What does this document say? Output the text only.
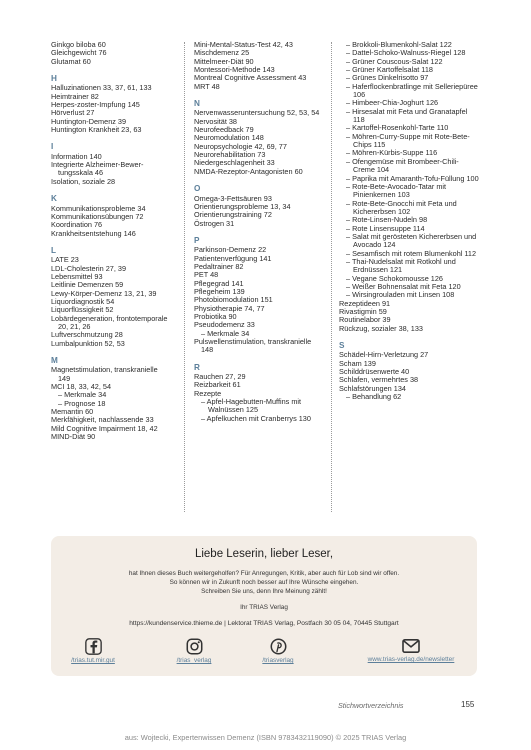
Ginkgo biloba 60
Gleichgewicht 76
Glutamat 60
H
Halluzinationen 33, 37, 61, 133
Heimtrainer 82
Herpes-zoster-Impfung 145
Hörverlust 27
Huntington-Demenz 39
Huntington Krankheit 23, 63
I
Information 140
Integrierte Alzheimer-Bewertungsskala 46
Isolation, soziale 28
K
Kommunikationsprobleme 34
Kommunikationsübungen 72
Koordination 76
Krankheitsentstehung 146
L
LATE 23
LDL-Cholesterin 27, 39
Lebensmittel 93
Leitlinie Demenzen 59
Lewy-Körper-Demenz 13, 21, 39
Liquordiagnostik 54
Liquorflüssigkeit 52
Lobärdegeneration, frontotemporale 20, 21, 26
Luftverschmutzung 28
Lumbalpunktion 52, 53
M
Magnetstimulation, transkranielle 149
MCI 18, 33, 42, 54
– Merkmale 34
– Prognose 18
Memantin 60
Merkfähigkeit, nachlassende 33
Mild Cognitive Impairment 18, 42
MIND-Diät 90
Mini-Mental-Status-Test 42, 43
Mischdemenz 25
Mittelmeer-Diät 90
Montessori-Methode 143
Montreal Cognitive Assessment 43
MRT 48
N
Nervenwasseruntersuchung 52, 53, 54
Nervosität 38
Neurofeedback 79
Neuromodulation 148
Neuropsychologie 42, 69, 77
Neurorehabilitation 73
Niedergeschlagenheit 33
NMDA-Rezeptor-Antagonisten 60
O
Omega-3-Fettsäuren 93
Orientierungsprobleme 13, 34
Orientierungstraining 72
Östrogen 31
P
Parkinson-Demenz 22
Patientenverfügung 141
Pedaltrainer 82
PET 48
Pflegegrad 141
Pflegeheim 139
Photobiomodulation 151
Physiotherapie 74, 77
Probiotika 90
Pseudodemenz 33
– Merkmale 34
Pulswellenstimulation, transkranielle 148
R
Rauchen 27, 29
Reizbarkeit 61
Rezepte
– Apfel-Hagebutten-Muffins mit Walnüssen 125
– Apfelkuchen mit Cranberrys 130
– Brokkoli-Blumenkohl-Salat 122
– Dattel-Schoko-Walnuss-Riegel 128
– Grüner Couscous-Salat 122
– Grüner Kartoffelsalat 118
– Grünes Dinkelrisotto 97
– Haferflockenbratlinge mit Selleriepüree 106
– Himbeer-Chia-Joghurt 126
– Hirsesalat mit Feta und Granatapfel 118
– Kartoffel-Rosenkohl-Tarte 110
– Möhren-Curry-Suppe mit Rote-Bete-Chips 115
– Möhren-Kürbis-Suppe 116
– Ofengemüse mit Brombeer-Chili-Creme 104
– Paprika mit Amaranth-Tofu-Füllung 100
– Rote-Bete-Avocado-Tatar mit Pinienkernen 103
– Rote-Bete-Gnocchi mit Feta und Kichererbsen 102
– Rote-Linsen-Nudeln 98
– Rote Linsensuppe 114
– Salat mit gerösteten Kichererbsen und Avocado 124
– Sesamfisch mit rotem Blumenkohl 112
– Thai-Nudelsalat mit Rotkohl und Erdnüssen 121
– Vegane Schokomousse 126
– Weißer Bohnensalat mit Feta 120
– Wirsingrouladen mit Linsen 108
Rezeptideen 91
Rivastigmin 59
Routinelabor 39
Rückzug, sozialer 38, 133
S
Schädel-Hirn-Verletzung 27
Scham 139
Schilddrüsenwerte 40
Schlafen, vermehrtes 38
Schlafstörungen 134
– Behandlung 62
Liebe Leserin, lieber Leser,
hat Ihnen dieses Buch weitergeholfen? Für Anregungen, Kritik, aber auch für Lob sind wir offen.
So können wir in Zukunft noch besser auf Ihre Wünsche eingehen.
Schreiben Sie uns, denn Ihre Meinung zählt!
Ihr TRIAS Verlag
https://kundenservice.thieme.de | Lektorat TRIAS Verlag, Postfach 30 05 04, 70445 Stuttgart
/trias.tut.mir.gut	/trias_verlag	/triasverlag	www.trias-verlag.de/newsletter
Stichwortverzeichnis	155
aus: Wojtecki, Expertenwissen Demenz (ISBN 9783432119090) © 2025 TRIAS Verlag
